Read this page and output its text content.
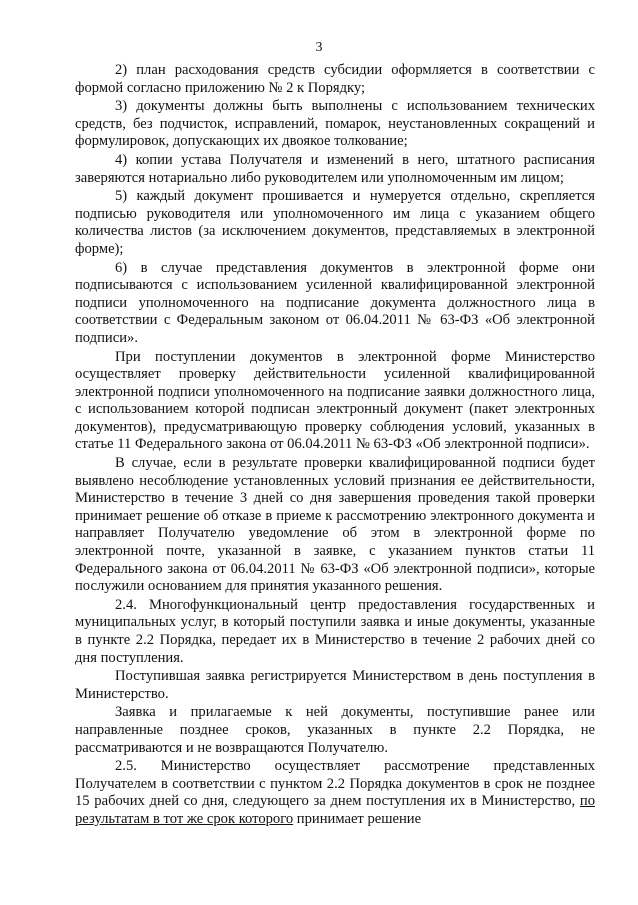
3

2) план расходования средств субсидии оформляется в соответствии с формой согласно приложению № 2 к Порядку;

3) документы должны быть выполнены с использованием технических средств, без подчисток, исправлений, помарок, неустановленных сокращений и формулировок, допускающих их двоякое толкование;

4) копии устава Получателя и изменений в него, штатного расписания заверяются нотариально либо руководителем или уполномоченным им лицом;

5) каждый документ прошивается и нумеруется отдельно, скрепляется подписью руководителя или уполномоченного им лица с указанием общего количества листов (за исключением документов, представляемых в электронной форме);

6) в случае представления документов в электронной форме они подписываются с использованием усиленной квалифицированной электронной подписи уполномоченного на подписание документа должностного лица в соответствии с Федеральным законом от 06.04.2011 № 63-ФЗ «Об электронной подписи».

При поступлении документов в электронной форме Министерство осуществляет проверку действительности усиленной квалифицированной электронной подписи уполномоченного на подписание заявки должностного лица, с использованием которой подписан электронный документ (пакет электронных документов), предусматривающую проверку соблюдения условий, указанных в статье 11 Федерального закона от 06.04.2011 № 63-ФЗ «Об электронной подписи».

В случае, если в результате проверки квалифицированной подписи будет выявлено несоблюдение установленных условий признания ее действительности, Министерство в течение 3 дней со дня завершения проведения такой проверки принимает решение об отказе в приеме к рассмотрению электронного документа и направляет Получателю уведомление об этом в электронной форме по электронной почте, указанной в заявке, с указанием пунктов статьи 11 Федерального закона от 06.04.2011 № 63-ФЗ «Об электронной подписи», которые послужили основанием для принятия указанного решения.

2.4. Многофункциональный центр предоставления государственных и муниципальных услуг, в который поступили заявка и иные документы, указанные в пункте 2.2 Порядка, передает их в Министерство в течение 2 рабочих дней со дня поступления.

Поступившая заявка регистрируется Министерством в день поступления в Министерство.

Заявка и прилагаемые к ней документы, поступившие ранее или направленные позднее сроков, указанных в пункте 2.2 Порядка, не рассматриваются и не возвращаются Получателю.

2.5. Министерство осуществляет рассмотрение представленных Получателем в соответствии с пунктом 2.2 Порядка документов в срок не позднее 15 рабочих дней со дня, следующего за днем поступления их в Министерство, по результатам в тот же срок которого принимает решение
